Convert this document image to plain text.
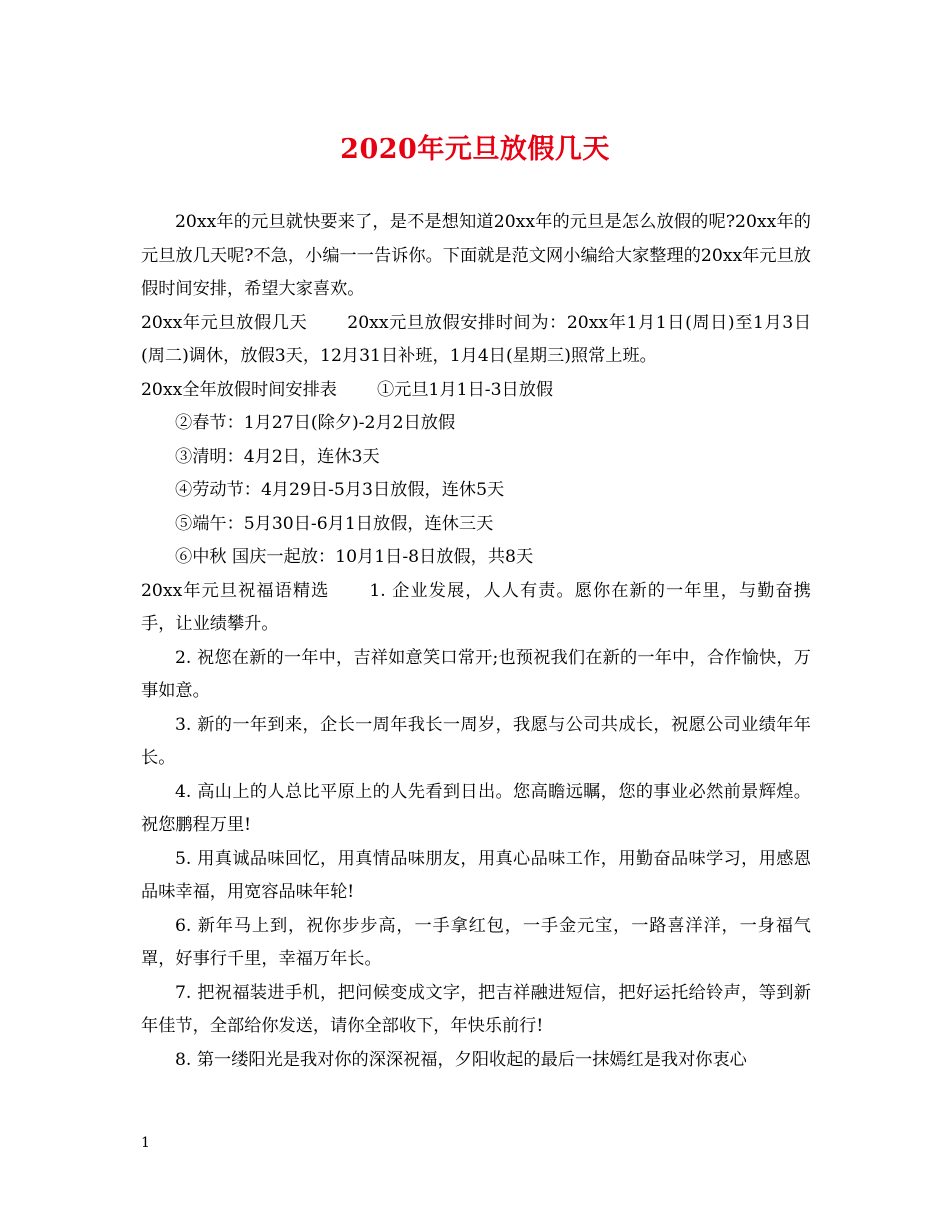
2020年元旦放假几天

20xx年的元旦就快要来了，是不是想知道20xx年的元旦是怎么放假的呢?20xx年的元旦放几天呢?不急，小编一一告诉你。下面就是范文网小编给大家整理的20xx年元旦放假时间安排，希望大家喜欢。

20xx年元旦放假几天 20xx元旦放假安排时间为：20xx年1月1日(周日)至1月3日(周二)调休，放假3天，12月31日补班，1月4日(星期三)照常上班。

20xx全年放假时间安排表 ①元旦1月1日-3日放假

②春节：1月27日(除夕)-2月2日放假

③清明：4月2日，连休3天

④劳动节：4月29日-5月3日放假，连休5天

⑤端午：5月30日-6月1日放假，连休三天

⑥中秋 国庆一起放：10月1日-8日放假，共8天

20xx年元旦祝福语精选 1. 企业发展，人人有责。愿你在新的一年里，与勤奋携手，让业绩攀升。

2. 祝您在新的一年中，吉祥如意笑口常开;也预祝我们在新的一年中，合作愉快，万事如意。

3. 新的一年到来，企长一周年我长一周岁，我愿与公司共成长，祝愿公司业绩年年长。

4. 高山上的人总比平原上的人先看到日出。您高瞻远瞩，您的事业必然前景辉煌。祝您鹏程万里!

5. 用真诚品味回忆，用真情品味朋友，用真心品味工作，用勤奋品味学习，用感恩品味幸福，用宽容品味年轮!

6. 新年马上到，祝你步步高，一手拿红包，一手金元宝，一路喜洋洋，一身福气罩，好事行千里，幸福万年长。

7. 把祝福装进手机，把问候变成文字，把吉祥融进短信，把好运托给铃声，等到新年佳节，全部给你发送，请你全部收下，年快乐前行!

8. 第一缕阳光是我对你的深深祝福，夕阳收起的最后一抹嫣红是我对你衷心

1
